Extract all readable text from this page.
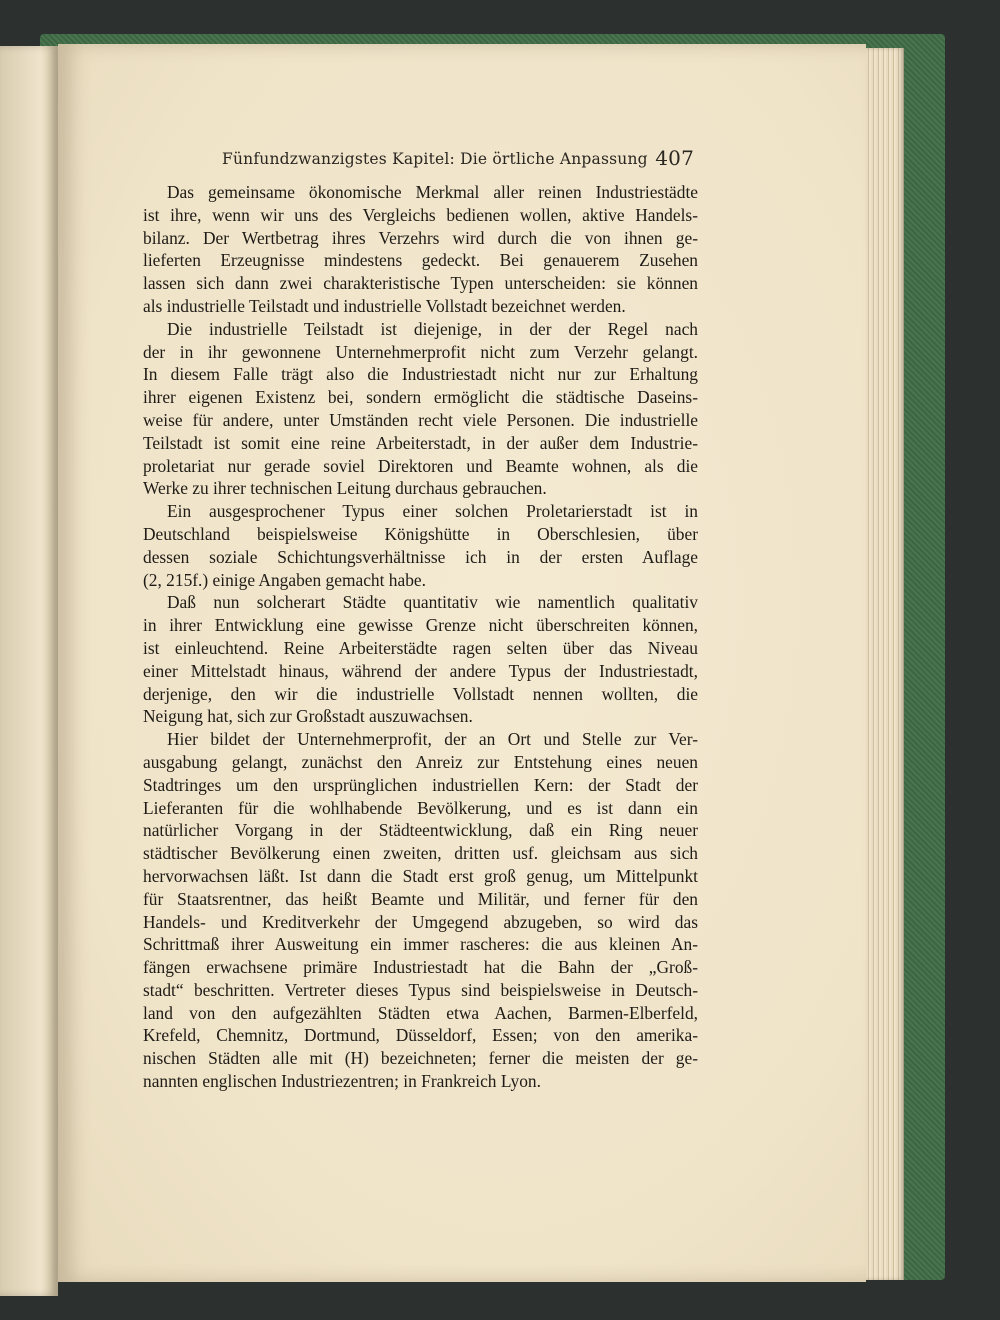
Fünfundzwanzigstes Kapitel: Die örtliche Anpassung 407
Das gemeinsame ökonomische Merkmal aller reinen Industriestädte
ist ihre, wenn wir uns des Vergleichs bedienen wollen, aktive Handels-
bilanz. Der Wertbetrag ihres Verzehrs wird durch die von ihnen ge-
lieferten Erzeugnisse mindestens gedeckt. Bei genauerem Zusehen
lassen sich dann zwei charakteristische Typen unterscheiden: sie können
als industrielle Teilstadt und industrielle Vollstadt bezeichnet werden.
Die industrielle Teilstadt ist diejenige, in der der Regel nach
der in ihr gewonnene Unternehmerprofit nicht zum Verzehr gelangt.
In diesem Falle trägt also die Industriestadt nicht nur zur Erhaltung
ihrer eigenen Existenz bei, sondern ermöglicht die städtische Daseins-
weise für andere, unter Umständen recht viele Personen. Die industrielle
Teilstadt ist somit eine reine Arbeiterstadt, in der außer dem Industrie-
proletariat nur gerade soviel Direktoren und Beamte wohnen, als die
Werke zu ihrer technischen Leitung durchaus gebrauchen.
Ein ausgesprochener Typus einer solchen Proletarierstadt ist in
Deutschland beispielsweise Königshütte in Oberschlesien, über
dessen soziale Schichtungsverhältnisse ich in der ersten Auflage
(2, 215f.) einige Angaben gemacht habe.
Daß nun solcherart Städte quantitativ wie namentlich qualitativ
in ihrer Entwicklung eine gewisse Grenze nicht überschreiten können,
ist einleuchtend. Reine Arbeiterstädte ragen selten über das Niveau
einer Mittelstadt hinaus, während der andere Typus der Industriestadt,
derjenige, den wir die industrielle Vollstadt nennen wollten, die
Neigung hat, sich zur Großstadt auszuwachsen.
Hier bildet der Unternehmerprofit, der an Ort und Stelle zur Ver-
ausgabung gelangt, zunächst den Anreiz zur Entstehung eines neuen
Stadtringes um den ursprünglichen industriellen Kern: der Stadt der
Lieferanten für die wohlhabende Bevölkerung, und es ist dann ein
natürlicher Vorgang in der Städteentwicklung, daß ein Ring neuer
städtischer Bevölkerung einen zweiten, dritten usf. gleichsam aus sich
hervorwachsen läßt. Ist dann die Stadt erst groß genug, um Mittelpunkt
für Staatsrentner, das heißt Beamte und Militär, und ferner für den
Handels- und Kreditverkehr der Umgegend abzugeben, so wird das
Schrittmaß ihrer Ausweitung ein immer rascheres: die aus kleinen An-
fängen erwachsene primäre Industriestadt hat die Bahn der „Groß-
stadt“ beschritten. Vertreter dieses Typus sind beispielsweise in Deutsch-
land von den aufgezählten Städten etwa Aachen, Barmen-Elberfeld,
Krefeld, Chemnitz, Dortmund, Düsseldorf, Essen; von den amerika-
nischen Städten alle mit (H) bezeichneten; ferner die meisten der ge-
nannten englischen Industriezentren; in Frankreich Lyon.
